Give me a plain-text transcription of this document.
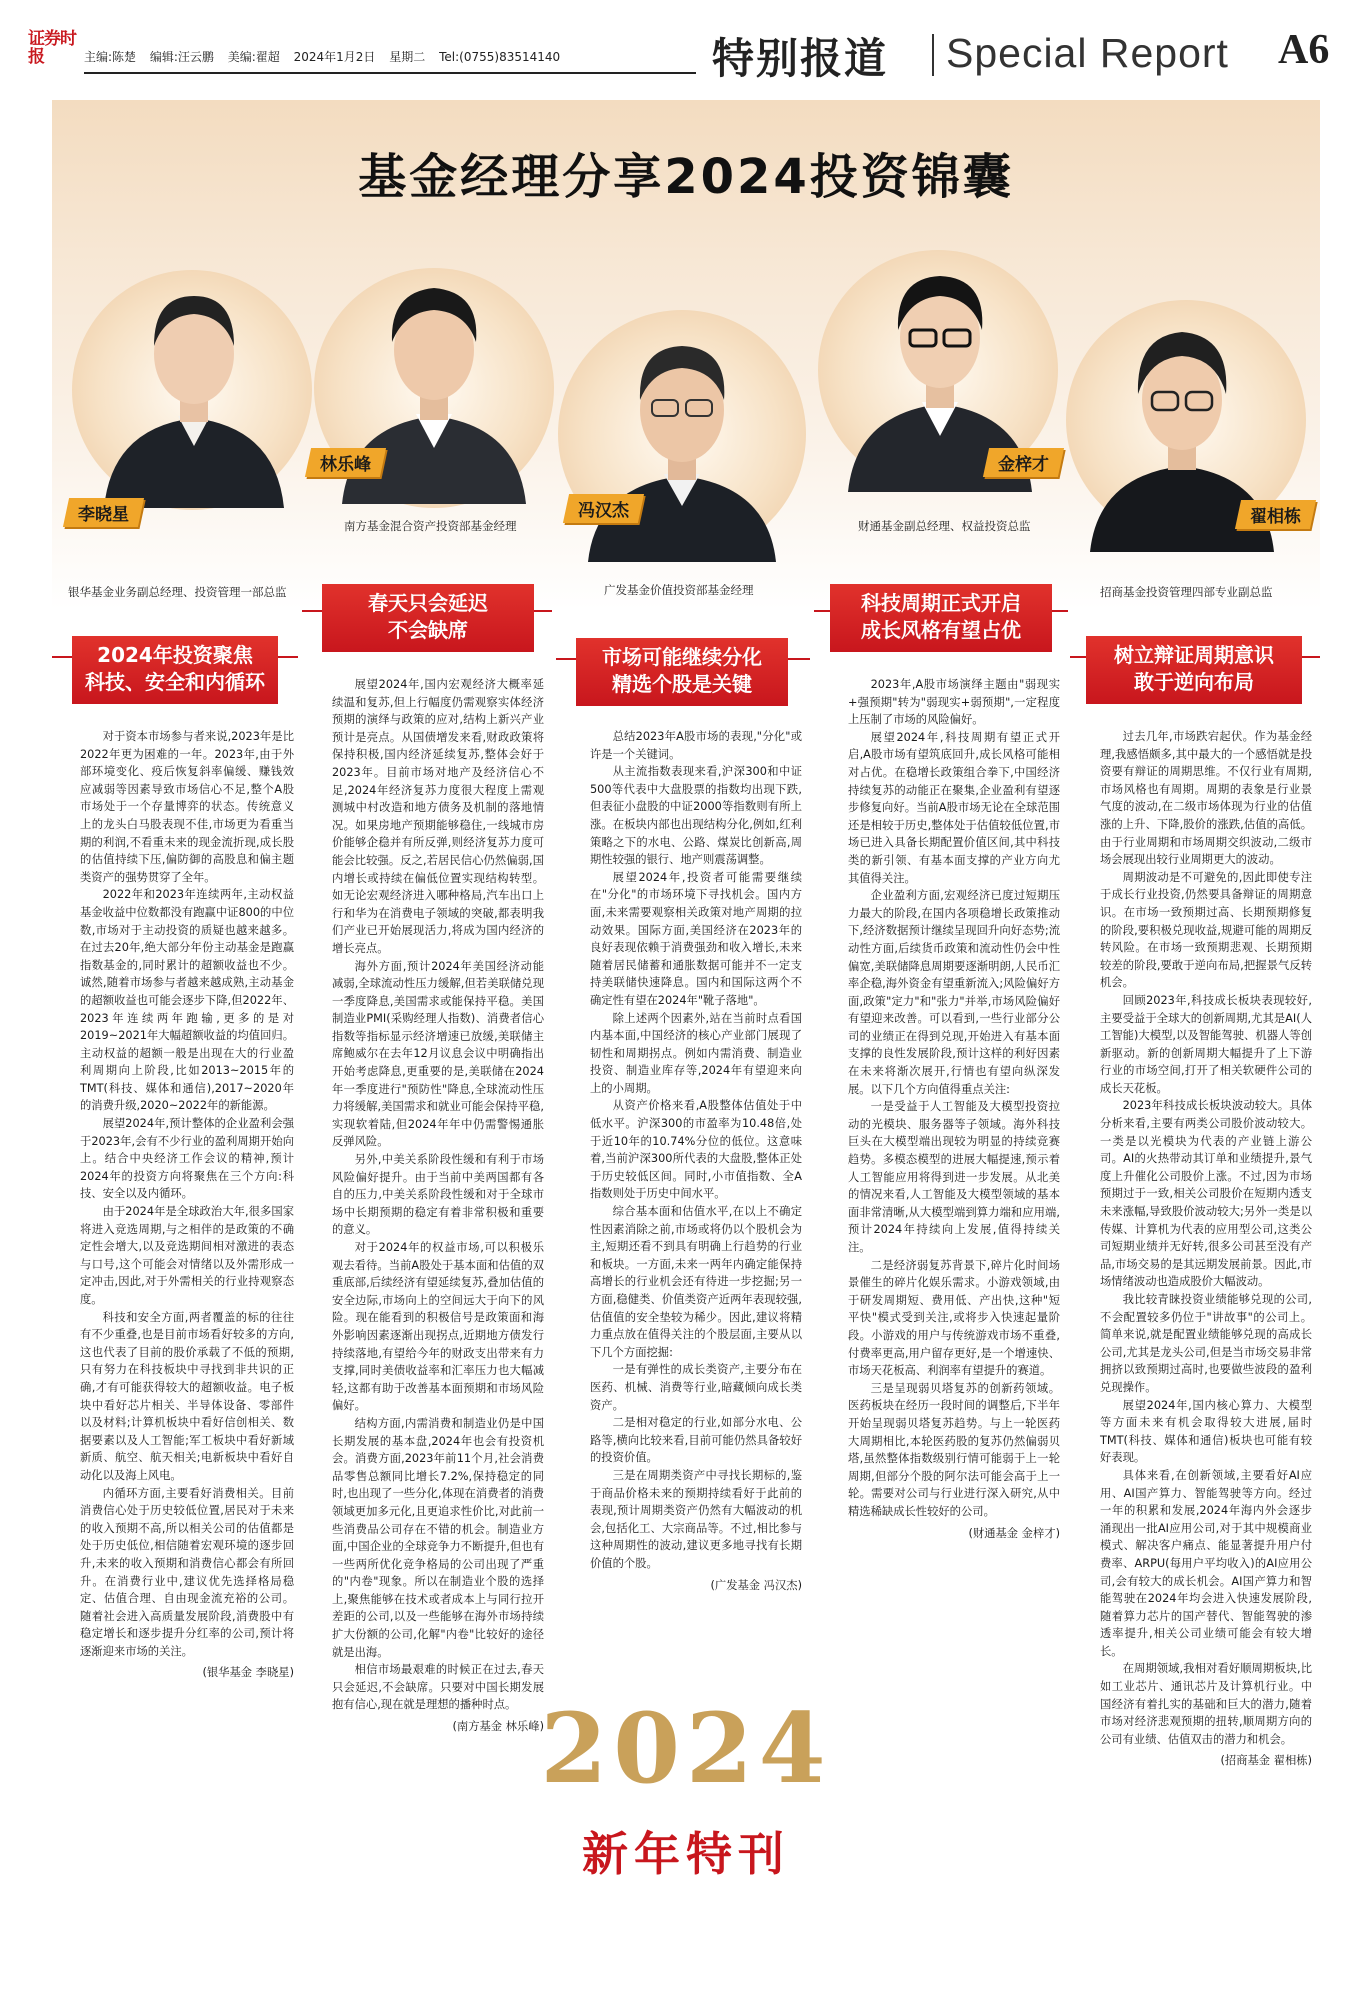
证券时报	主编:陈楚 编辑:汪云鹏 美编:翟超 2024年1月2日 星期二 Tel:(0755)83514140	特别报道 Special Report A6
基金经理分享2024投资锦囊
李晓星
银华基金业务副总经理、投资管理一部总监
林乐峰
南方基金混合资产投资部基金经理
冯汉杰
广发基金价值投资部基金经理
金梓才
财通基金副总经理、权益投资总监	翟相栋
招商基金投资管理四部专业副总监
2024年投资聚焦
科技、安全和内循环

对于资本市场参与者来说,2023年是比2022年更为困难的一年。2023年,由于外部环境变化、疫后恢复斜率偏缓、赚钱效应减弱等因素导致市场信心不足,整个A股市场处于一个存量博弈的状态。传统意义上的龙头白马股表现不佳,市场更为看重当期的利润,不看重未来的现金流折现,成长股的估值持续下压,偏防御的高股息和偏主题类资产的强势贯穿了全年。

2022年和2023年连续两年,主动权益基金收益中位数都没有跑赢中证800的中位数,市场对于主动投资的质疑也越来越多。在过去20年,绝大部分年份主动基金是跑赢指数基金的,同时累计的超额收益也不少。诚然,随着市场参与者越来越成熟,主动基金的超额收益也可能会逐步下降,但2022年、2023年连续两年跑输,更多的是对2019~2021年大幅超额收益的均值回归。主动权益的超额一般是出现在大的行业盈利周期向上阶段,比如2013~2015年的TMT(科技、媒体和通信),2017~2020年的消费升级,2020~2022年的新能源。

展望2024年,预计整体的企业盈利会强于2023年,会有不少行业的盈利周期开始向上。结合中央经济工作会议的精神,预计2024年的投资方向将聚焦在三个方向:科技、安全以及内循环。

由于2024年是全球政治大年,很多国家将进入竞选周期,与之相伴的是政策的不确定性会增大,以及竞选期间相对激进的表态与口号,这个可能会对情绪以及外需形成一定冲击,因此,对于外需相关的行业持观察态度。

科技和安全方面,两者覆盖的标的往往有不少重叠,也是目前市场看好较多的方向,这也代表了目前的股价承载了不低的预期,只有努力在科技板块中寻找到非共识的正确,才有可能获得较大的超额收益。电子板块中看好芯片相关、半导体设备、零部件以及材料;计算机板块中看好信创相关、数据要素以及人工智能;军工板块中看好新域新质、航空、航天相关;电新板块中看好自动化以及海上风电。

内循环方面,主要看好消费相关。目前消费信心处于历史较低位置,居民对于未来的收入预期不高,所以相关公司的估值都是处于历史低位,相信随着宏观环境的逐步回升,未来的收入预期和消费信心都会有所回升。在消费行业中,建议优先选择格局稳定、估值合理、自由现金流充裕的公司。随着社会进入高质量发展阶段,消费股中有稳定增长和逐步提升分红率的公司,预计将逐渐迎来市场的关注。

(银华基金 李晓星)

春天只会延迟
不会缺席

展望2024年,国内宏观经济大概率延续温和复苏,但上行幅度仍需观察实体经济预期的演绎与政策的应对,结构上新兴产业预计是亮点。从国债增发来看,财政政策将保持积极,国内经济延续复苏,整体会好于2023年。目前市场对地产及经济信心不足,2024年经济复苏力度很大程度上需观测城中村改造和地方债务及机制的落地情况。如果房地产预期能够稳住,一线城市房价能够企稳并有所反弹,则经济复苏力度可能会比较强。反之,若居民信心仍然偏弱,国内增长或持续在偏低位置实现结构转型。如无论宏观经济进入哪种格局,汽车出口上行和华为在消费电子领域的突破,都表明我们产业已开始展现活力,将成为国内经济的增长亮点。

海外方面,预计2024年美国经济动能减弱,全球流动性压力缓解,但若美联储兑现一季度降息,美国需求或能保持平稳。美国制造业PMI(采购经理人指数)、消费者信心指数等指标显示经济增速已放缓,美联储主席鲍威尔在去年12月议息会议中明确指出开始考虑降息,更重要的是,美联储在2024年一季度进行"预防性"降息,全球流动性压力将缓解,美国需求和就业可能会保持平稳,实现软着陆,但2024年年中仍需警惕通胀反弹风险。

另外,中美关系阶段性缓和有利于市场风险偏好提升。由于当前中美两国都有各自的压力,中美关系阶段性缓和对于全球市场中长期预期的稳定有着非常积极和重要的意义。

对于2024年的权益市场,可以积极乐观去看待。当前A股处于基本面和估值的双重底部,后续经济有望延续复苏,叠加估值的安全边际,市场向上的空间远大于向下的风险。现在能看到的积极信号是政策面和海外影响因素逐渐出现拐点,近期地方债发行持续落地,有望给今年的财政支出带来有力支撑,同时美债收益率和汇率压力也大幅减轻,这都有助于改善基本面预期和市场风险偏好。

结构方面,内需消费和制造业仍是中国长期发展的基本盘,2024年也会有投资机会。消费方面,2023年前11个月,社会消费品零售总额同比增长7.2%,保持稳定的同时,也出现了一些分化,体现在消费者的消费领域更加多元化,且更追求性价比,对此前一些消费品公司存在不错的机会。制造业方面,中国企业的全球竞争力不断提升,但也有一些两所优化竞争格局的公司出现了严重的"内卷"现象。所以在制造业个股的选择上,聚焦能够在技术或者成本上与同行拉开差距的公司,以及一些能够在海外市场持续扩大份额的公司,化解"内卷"比较好的途径就是出海。

相信市场最艰难的时候正在过去,春天只会延迟,不会缺席。只要对中国长期发展抱有信心,现在就是理想的播种时点。

(南方基金 林乐峰)

市场可能继续分化
精选个股是关键

总结2023年A股市场的表现,"分化"或许是一个关键词。

从主流指数表现来看,沪深300和中证500等代表中大盘股票的指数均出现下跌,但表征小盘股的中证2000等指数则有所上涨。在板块内部也出现结构分化,例如,红利策略之下的水电、公路、煤炭比创新高,周期性较强的银行、地产则震荡调整。

展望2024年,投资者可能需要继续在"分化"的市场环境下寻找机会。国内方面,未来需要观察相关政策对地产周期的拉动效果。国际方面,美国经济在2023年的良好表现依赖于消费强劲和收入增长,未来随着居民储蓄和通胀数据可能并不一定支持美联储快速降息。国内和国际这两个不确定性有望在2024年"靴子落地"。

除上述两个因素外,站在当前时点看国内基本面,中国经济的核心产业部门展现了韧性和周期拐点。例如内需消费、制造业投资、制造业库存等,2024年有望迎来向上的小周期。

从资产价格来看,A股整体估值处于中低水平。沪深300的市盈率为10.48倍,处于近10年的10.74%分位的低位。这意味着,当前沪深300所代表的大盘股,整体正处于历史较低区间。同时,小市值指数、全A指数则处于历史中间水平。

综合基本面和估值水平,在以上不确定性因素消除之前,市场或将仍以个股机会为主,短期还看不到具有明确上行趋势的行业和板块。一方面,未来一两年内确定能保持高增长的行业机会还有待进一步挖掘;另一方面,稳健类、价值类资产近两年表现较强,估值值的安全垫较为稀少。因此,建议将精力重点放在值得关注的个股层面,主要从以下几个方面挖掘:

一是有弹性的成长类资产,主要分布在医药、机械、消费等行业,暗藏倾向成长类资产。

二是相对稳定的行业,如部分水电、公路等,横向比较来看,目前可能仍然具备较好的投资价值。

三是在周期类资产中寻找长期标的,鉴于商品价格未来的预期持续看好于此前的表现,预计周期类资产仍然有大幅波动的机会,包括化工、大宗商品等。不过,相比参与这种周期性的波动,建议更多地寻找有长期价值的个股。

(广发基金 冯汉杰)

科技周期正式开启
成长风格有望占优

2023年,A股市场演绎主题由"弱现实+强预期"转为"弱现实+弱预期",一定程度上压制了市场的风险偏好。

展望2024年,科技周期有望正式开启,A股市场有望筑底回升,成长风格可能相对占优。在稳增长政策组合拳下,中国经济持续复苏的动能正在聚集,企业盈利有望逐步修复向好。当前A股市场无论在全球范围还是相较于历史,整体处于估值较低位置,市场已进入具备长期配置价值区间,其中科技类的新引领、有基本面支撑的产业方向尤其值得关注。

企业盈利方面,宏观经济已度过短期压力最大的阶段,在国内各项稳增长政策推动下,经济数据预计继续呈现回升向好态势;流动性方面,后续货币政策和流动性仍会中性偏宽,美联储降息周期要逐渐明朗,人民币汇率企稳,海外资金有望重新流入;风险偏好方面,政策"定力"和"张力"并举,市场风险偏好有望迎来改善。可以看到,一些行业部分公司的业绩正在得到兑现,开始进入有基本面支撑的良性发展阶段,预计这样的利好因素在未来将渐次展开,行情也有望向纵深发展。以下几个方向值得重点关注:

一是受益于人工智能及大模型投资拉动的光模块、服务器等子领域。海外科技巨头在大模型端出现较为明显的持续竞赛趋势。多模态模型的进展大幅提速,预示着人工智能应用将得到进一步发展。从北美的情况来看,人工智能及大模型领域的基本面非常清晰,从大模型端到算力端和应用端,预计2024年持续向上发展,值得持续关注。

二是经济弱复苏背景下,碎片化时间场景催生的碎片化娱乐需求。小游戏领域,由于研发周期短、费用低、产出快,这种"短平快"模式受到关注,或将步入快速起量阶段。小游戏的用户与传统游戏市场不重叠,付费率更高,用户留存更好,是一个增速快、市场天花板高、利润率有望提升的赛道。

三是呈现弱贝塔复苏的创新药领域。医药板块在经历一段时间的调整后,下半年开始呈现弱贝塔复苏趋势。与上一轮医药大周期相比,本轮医药股的复苏仍然偏弱贝塔,虽然整体指数级别行情可能弱于上一轮周期,但部分个股的阿尔法可能会高于上一轮。需要对公司与行业进行深入研究,从中精选稀缺成长性较好的公司。

(财通基金 金梓才)

树立辩证周期意识
敢于逆向布局

过去几年,市场跌宕起伏。作为基金经理,我感悟颇多,其中最大的一个感悟就是投资要有辩证的周期思维。不仅行业有周期,市场风格也有周期。周期的表象是行业景气度的波动,在二级市场体现为行业的估值涨的上升、下降,股价的涨跌,估值的高低。由于行业周期和市场周期交织波动,二级市场会展现出较行业周期更大的波动。

周期波动是不可避免的,因此即使专注于成长行业投资,仍然要具备辩证的周期意识。在市场一致预期过高、长期预期修复的阶段,要积极兑现收益,规避可能的周期反转风险。在市场一致预期悲观、长期预期较差的阶段,要敢于逆向布局,把握景气反转机会。

回顾2023年,科技成长板块表现较好,主要受益于全球大的创新周期,尤其是AI(人工智能)大模型,以及智能驾驶、机器人等创新驱动。新的创新周期大幅提升了上下游行业的市场空间,打开了相关软硬件公司的成长天花板。

2023年科技成长板块波动较大。具体分析来看,主要有两类公司股价波动较大。一类是以光模块为代表的产业链上游公司。AI的火热带动其订单和业绩提升,景气度上升催化公司股价上涨。不过,因为市场预期过于一致,相关公司股价在短期内透支未来涨幅,导致股价波动较大;另外一类是以传媒、计算机为代表的应用型公司,这类公司短期业绩并无好转,很多公司甚至没有产品,市场交易的是其远期发展前景。因此,市场情绪波动也造成股价大幅波动。

我比较青睐投资业绩能够兑现的公司,不会配置较多仍位于"讲故事"的公司上。简单来说,就是配置业绩能够兑现的高成长公司,尤其是龙头公司,但是当市场交易非常拥挤以致预期过高时,也要做些波段的盈利兑现操作。

展望2024年,国内核心算力、大模型等方面未来有机会取得较大进展,届时TMT(科技、媒体和通信)板块也可能有较好表现。

具体来看,在创新领域,主要看好AI应用、AI国产算力、智能驾驶等方向。经过一年的积累和发展,2024年海内外会逐步涌现出一批AI应用公司,对于其中规模商业模式、解决客户痛点、能显著提升用户付费率、ARPU(每用户平均收入)的AI应用公司,会有较大的成长机会。AI国产算力和智能驾驶在2024年均会进入快速发展阶段,随着算力芯片的国产替代、智能驾驶的渗透率提升,相关公司业绩可能会有较大增长。

在周期领域,我相对看好顺周期板块,比如工业芯片、通讯芯片及计算机行业。中国经济有着扎实的基础和巨大的潜力,随着市场对经济悲观预期的扭转,顺周期方向的公司有业绩、估值双击的潜力和机会。

(招商基金 翟相栋)

2024
新年特刊
